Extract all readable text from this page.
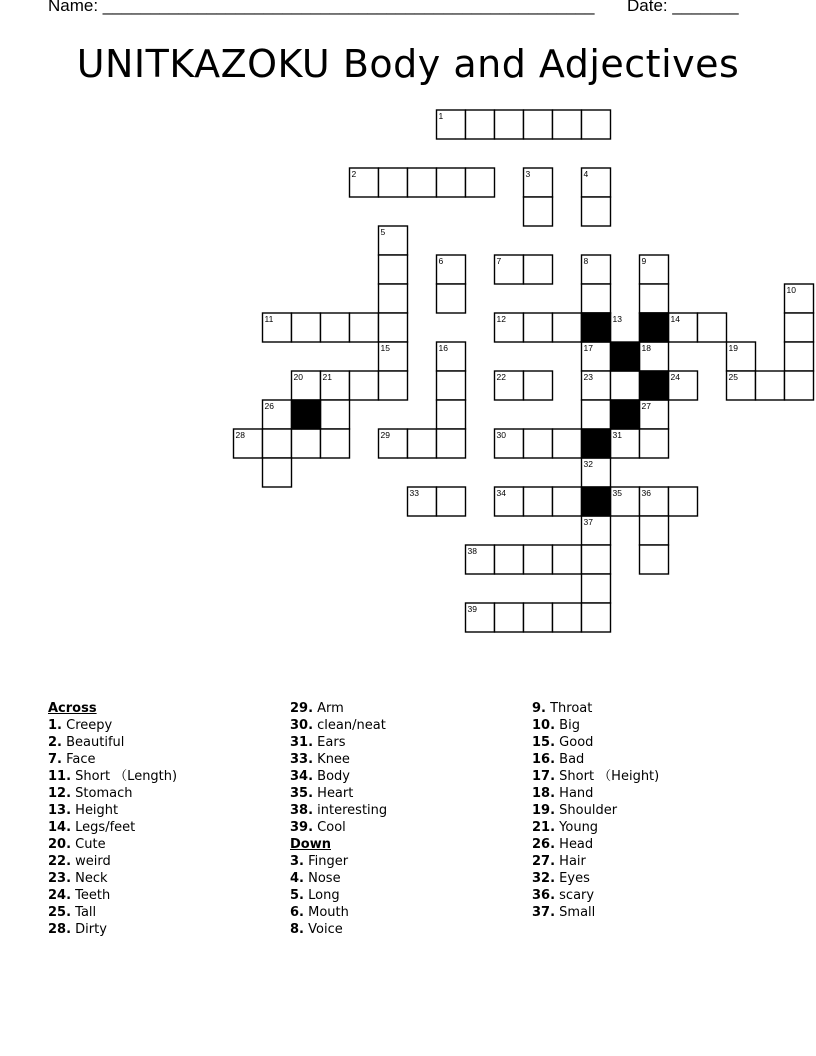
Name: ____________________________________________________ Date: _______
UNITKAZOKU Body and Adjectives
1
2	3	4
5
6	7	8	9
10
11	12	13	14
15	16	17	18	19
20 21	22	23	24	25
26	27
28	29	30	31
32
33	34	35 36
37
38
39
Across
1. Creepy
2. Beautiful
7. Face
11. Short （Length)
12. Stomach
13. Height
14. Legs/feet
20. Cute
22. weird
23. Neck
24. Teeth
25. Tall
28. Dirty
29. Arm
30. clean/neat
31. Ears
33. Knee
34. Body
35. Heart
38. interesting
39. Cool
Down
3. Finger
4. Nose
5. Long
6. Mouth
8. Voice
9. Throat
10. Big
15. Good
16. Bad
17. Short （Height)
18. Hand
19. Shoulder
21. Young
26. Head
27. Hair
32. Eyes
36. scary
37. Small
